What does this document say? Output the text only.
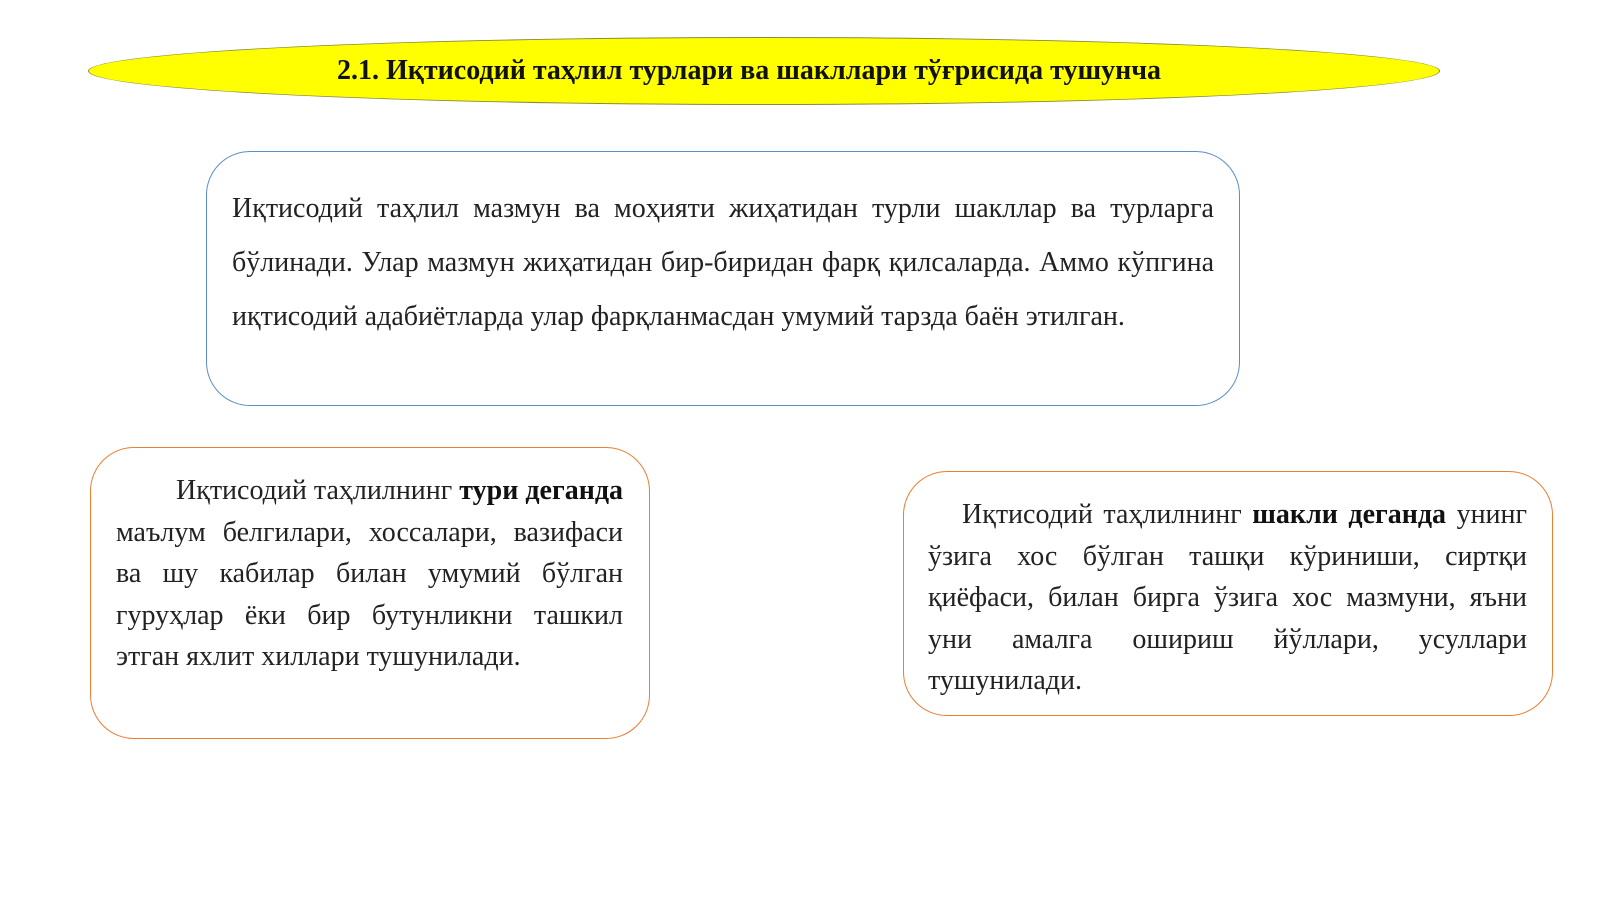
2.1. Иқтисодий таҳлил турлари ва шакллари тўғрисида тушунча
Иқтисодий таҳлил мазмун ва моҳияти жиҳатидан турли шакллар ва турларга бўлинади. Улар мазмун жиҳатидан бир-биридан фарқ қилсаларда. Аммо кўпгина иқтисодий адабиётларда улар фарқланмасдан умумий тарзда баён этилган.
Иқтисодий таҳлилнинг тури деганда маълум белгилари, хоссалари, вазифаси ва шу кабилар билан умумий бўлган гуруҳлар ёки бир бутунликни ташкил этган яхлит хиллари тушунилади.
Иқтисодий таҳлилнинг шакли деганда унинг ўзига хос бўлган ташқи кўриниши, сиртқи қиёфаси, билан бирга ўзига хос мазмуни, яъни уни амалга ошириш йўллари, усуллари тушунилади.
